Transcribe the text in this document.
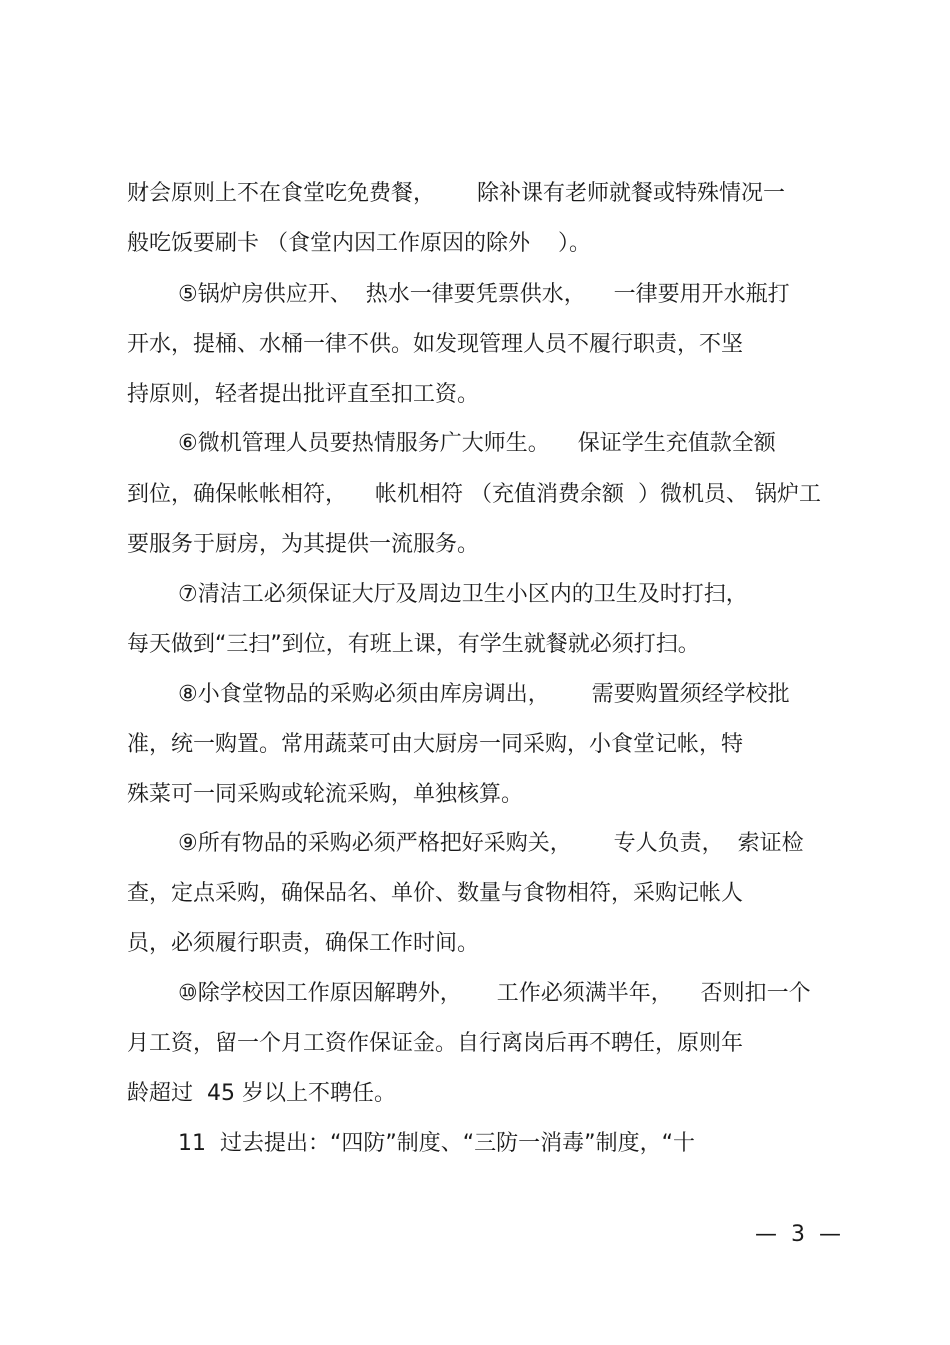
财会原则上不在食堂吃免费餐，      除补课有老师就餐或特殊情况一

般吃饭要刷卡 （食堂内因工作原因的除外    ）。

⑤锅炉房供应开、  热水一律要凭票供水，    一律要用开水瓶打

开水，提桶、水桶一律不供。如发现管理人员不履行职责，不坚

持原则，轻者提出批评直至扣工资。

⑥微机管理人员要热情服务广大师生。    保证学生充值款全额

到位，确保帐帐相符，    帐机相符 （充值消费余额  ）微机员、 锅炉工

要服务于厨房，为其提供一流服务。

⑦清洁工必须保证大厅及周边卫生小区内的卫生及时打扫，

每天做到“三扫”到位，有班上课，有学生就餐就必须打扫。

⑧小食堂物品的采购必须由库房调出，      需要购置须经学校批

准，统一购置。常用蔬菜可由大厨房一同采购，小食堂记帐，特

殊菜可一同采购或轮流采购，单独核算。

⑨所有物品的采购必须严格把好采购关，      专人负责，  索证检

查，定点采购，确保品名、单价、数量与食物相符，采购记帐人

员，必须履行职责，确保工作时间。

⑩除学校因工作原因解聘外，     工作必须满半年，    否则扣一个

月工资，留一个月工资作保证金。自行离岗后再不聘任，原则年

龄超过  45 岁以上不聘任。

11  过去提出：“四防”制度、“三防一消毒”制度，“十

—  3  —
